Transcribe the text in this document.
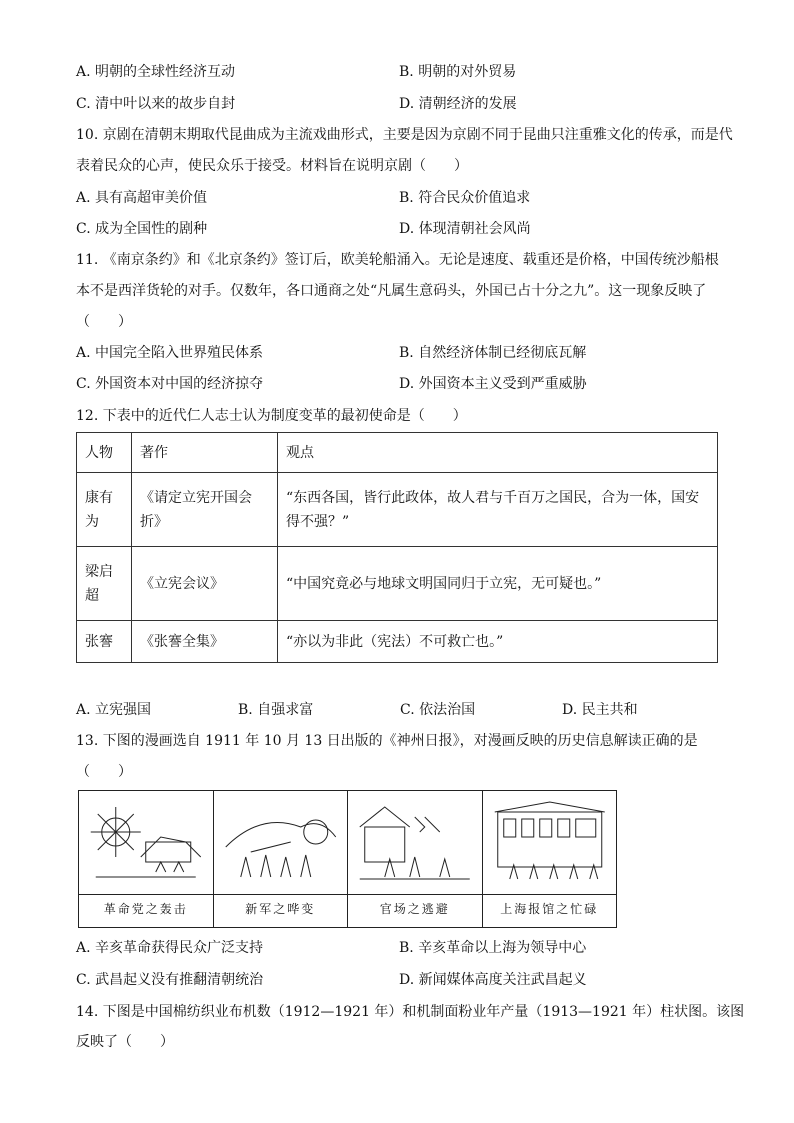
A. 明朝的全球性经济互动	B. 明朝的对外贸易
C. 清中叶以来的故步自封	D. 清朝经济的发展
10. 京剧在清朝末期取代昆曲成为主流戏曲形式，主要是因为京剧不同于昆曲只注重雅文化的传承，而是代
表着民众的心声，使民众乐于接受。材料旨在说明京剧（　　）
A. 具有高超审美价值	B. 符合民众价值追求
C. 成为全国性的剧种	D. 体现清朝社会风尚
11. 《南京条约》和《北京条约》签订后，欧美轮船涌入。无论是速度、载重还是价格，中国传统沙船根
本不是西洋货轮的对手。仅数年，各口通商之处“凡属生意码头，外国已占十分之九”。这一现象反映了
（　　）
A. 中国完全陷入世界殖民体系	B. 自然经济体制已经彻底瓦解
C. 外国资本对中国的经济掠夺	D. 外国资本主义受到严重威胁
12. 下表中的近代仁人志士认为制度变革的最初使命是（　　）
人物	著作	观点
康有为	《请定立宪开国会折》	“东西各国，皆行此政体，故人君与千百万之国民，合为一体，国安得不强？”
梁启超	《立宪会议》	“中国究竟必与地球文明国同归于立宪，无可疑也。”
张謇	《张謇全集》	“亦以为非此（宪法）不可救亡也。”
A. 立宪强国	B. 自强求富	C. 依法治国	D. 民主共和
13. 下图的漫画选自 1911 年 10 月 13 日出版的《神州日报》，对漫画反映的历史信息解读正确的是
（　　）
革命党之轰击	新军之哗变	官场之逃避	上海报馆之忙碌
A. 辛亥革命获得民众广泛支持	B. 辛亥革命以上海为领导中心
C. 武昌起义没有推翻清朝统治	D. 新闻媒体高度关注武昌起义
14. 下图是中国棉纺织业布机数（1912—1921 年）和机制面粉业年产量（1913—1921 年）柱状图。该图
反映了（　　）
